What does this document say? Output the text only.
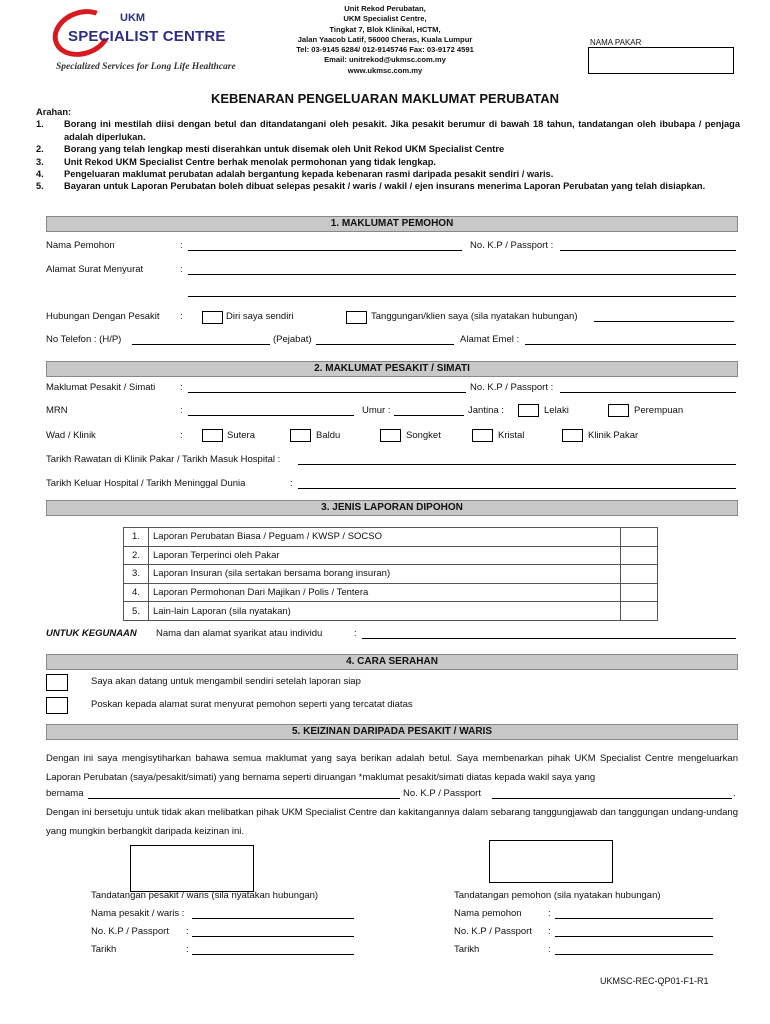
UKM
SPECIALIST CENTRE
Specialized Services for Long Life Healthcare
Unit Rekod Perubatan,
UKM Specialist Centre,
Tingkat 7, Blok Klinikal, HCTM,
Jalan Yaacob Latif, 56000 Cheras, Kuala Lumpur
Tel: 03-9145 6284/ 012-9145746 Fax: 03-9172 4591
Email: unitrekod@ukmsc.com.my
www.ukmsc.com.my
NAMA PAKAR
KEBENARAN PENGELUARAN MAKLUMAT PERUBATAN
Arahan:
1.	Borang ini mestilah diisi dengan betul dan ditandatangani oleh pesakit. Jika pesakit berumur di bawah 18 tahun, tandatangan oleh ibubapa / penjaga adalah diperlukan.
2.	Borang yang telah lengkap mesti diserahkan untuk disemak oleh Unit Rekod UKM Specialist Centre
3.	Unit Rekod UKM Specialist Centre berhak menolak permohonan yang tidak lengkap.
4.	Pengeluaran maklumat perubatan adalah bergantung kepada kebenaran rasmi daripada pesakit sendiri / waris.
5.	Bayaran untuk Laporan Perubatan boleh dibuat selepas pesakit / waris / wakil / ejen insurans menerima Laporan Perubatan yang telah disiapkan.
1. MAKLUMAT PEMOHON
Nama Pemohon	:	No. K.P / Passport :
Alamat Surat Menyurat	:
Hubungan Dengan Pesakit :	Diri saya sendiri	Tanggungan/klien saya (sila nyatakan hubungan)
No Telefon : (H/P)	(Pejabat)	Alamat Emel :
2. MAKLUMAT PESAKIT / SIMATI
Maklumat Pesakit / Simati	:	No. K.P / Passport :
MRN	:	Umur :	Jantina :	Lelaki	Perempuan
Wad / Klinik	:	Sutera	Baldu	Songket	Kristal	Klinik Pakar
Tarikh Rawatan di Klinik Pakar / Tarikh Masuk Hospital :
Tarikh Keluar Hospital / Tarikh Meninggal Dunia	:
3. JENIS LAPORAN DIPOHON
1.	Laporan Perubatan Biasa / Peguam / KWSP / SOCSO	
2.	Laporan Terperinci oleh Pakar	
3.	Laporan Insuran (sila sertakan bersama borang insuran)	
4.	Laporan Permohonan Dari Majikan / Polis / Tentera	
5.	Lain-lain Laporan (sila nyatakan)	
UNTUK KEGUNAAN Nama dan alamat syarikat atau individu	:
4. CARA SERAHAN
Saya akan datang untuk mengambil sendiri setelah laporan siap
Poskan kepada alamat surat menyurat pemohon seperti yang tercatat diatas
5. KEIZINAN DARIPADA PESAKIT / WARIS
Dengan ini saya mengisytiharkan bahawa semua maklumat yang saya berikan adalah betul. Saya membenarkan pihak UKM Specialist Centre mengeluarkan Laporan Perubatan (saya/pesakit/simati) yang bernama seperti diruangan *maklumat pesakit/simati diatas kepada wakil saya yang
bernama	No. K.P / Passport	.
Dengan ini bersetuju untuk tidak akan melibatkan pihak UKM Specialist Centre dan kakitangannya dalam sebarang tanggungjawab dan tanggungan undang-undang yang mungkin berbangkit daripada keizinan ini.
Tandatangan pesakit / waris (sila nyatakan hubungan)
Nama pesakit / waris :
No. K.P / Passport :
Tarikh	:
Tandatangan pemohon (sila nyatakan hubungan)
Nama pemohon	:
No. K.P / Passport :
Tarikh	:
UKMSC-REC-QP01-F1-R1
